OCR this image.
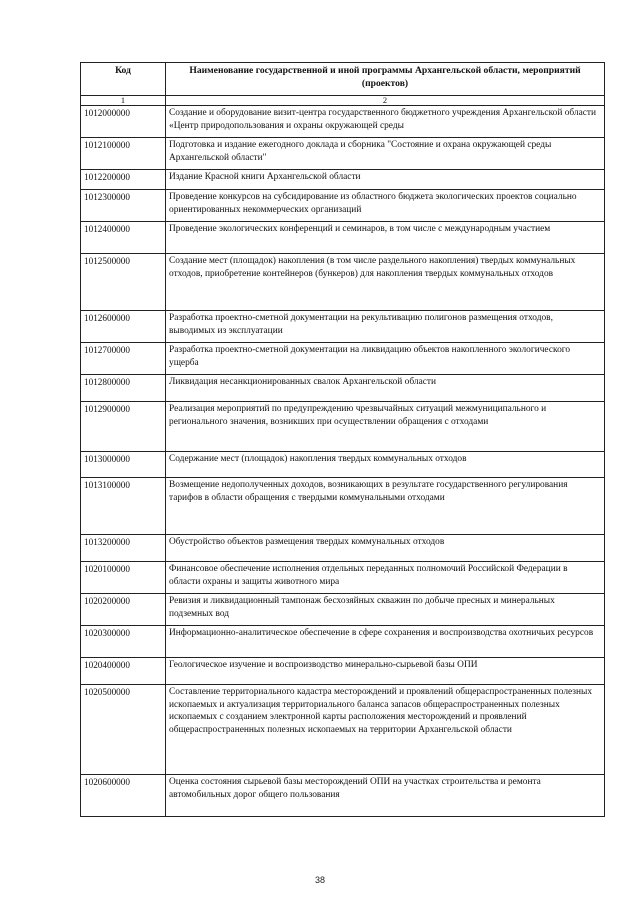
Код	Наименование государственной и иной программы Архангельской области, мероприятий (проектов)
1	2
1012000000	Создание и оборудование визит-центра государственного бюджетного учреждения Архангельской области «Центр природопользования и охраны окружающей среды
1012100000	Подготовка и издание ежегодного доклада и сборника "Состояние и охрана окружающей среды Архангельской области"
1012200000	Издание Красной книги Архангельской области
1012300000	Проведение конкурсов на субсидирование из областного бюджета экологических проектов социально ориентированных некоммерческих организаций
1012400000	Проведение экологических конференций и семинаров, в том числе с международным участием
1012500000	Создание мест (площадок) накопления (в том числе раздельного накопления) твердых коммунальных отходов, приобретение контейнеров (бункеров) для накопления твердых коммунальных отходов
1012600000	Разработка проектно-сметной документации на рекультивацию полигонов размещения отходов, выводимых из эксплуатации
1012700000	Разработка проектно-сметной документации на ликвидацию объектов накопленного экологического ущерба
1012800000	Ликвидация несанкционированных свалок Архангельской области
1012900000	Реализация мероприятий по предупреждению чрезвычайных ситуаций межмуниципального и регионального значения, возникших при осуществлении обращения с отходами
1013000000	Содержание мест (площадок) накопления твердых коммунальных отходов
1013100000	Возмещение недополученных доходов, возникающих в результате государственного регулирования тарифов в области обращения с твердыми коммунальными отходами
1013200000	Обустройство объектов размещения твердых коммунальных отходов
1020100000	Финансовое обеспечение исполнения отдельных переданных полномочий Российской Федерации в области охраны и защиты животного мира
1020200000	Ревизия и ликвидационный тампонаж бесхозяйных скважин по добыче пресных и минеральных подземных вод
1020300000	Информационно-аналитическое обеспечение в сфере сохранения и воспроизводства охотничьих ресурсов
1020400000	Геологическое изучение и воспроизводство минерально-сырьевой базы ОПИ
1020500000	Составление территориального кадастра месторождений и проявлений общераспространенных полезных ископаемых и актуализация территориального баланса запасов общераспространенных полезных ископаемых с созданием электронной карты расположения месторождений и проявлений общераспространенных полезных ископаемых на территории Архангельской области
1020600000	Оценка состояния сырьевой базы месторождений ОПИ на участках строительства и ремонта автомобильных дорог общего пользования
38
